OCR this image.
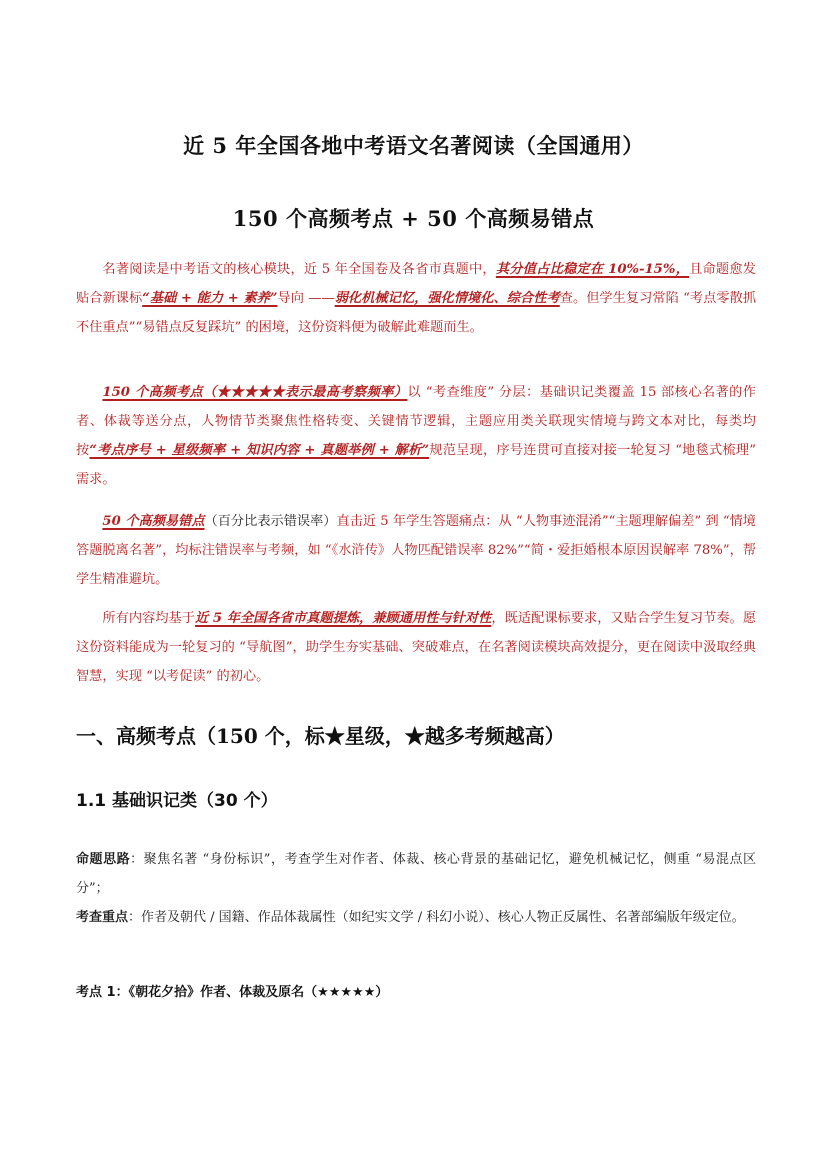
近 5 年全国各地中考语文名著阅读（全国通用）
150 个高频考点 + 50 个高频易错点

名著阅读是中考语文的核心模块，近 5 年全国卷及各省市真题中，其分值占比稳定在 10%-15%，且命题愈发贴合新课标“基础 + 能力 + 素养”导向 ——弱化机械记忆，强化情境化、综合性考查。但学生复习常陷 “考点零散抓不住重点”“易错点反复踩坑” 的困境，这份资料便为破解此难题而生。

150 个高频考点（★★★★★表示最高考察频率）以 “考查维度” 分层：基础识记类覆盖 15 部核心名著的作者、体裁等送分点，人物情节类聚焦性格转变、关键情节逻辑，主题应用类关联现实情境与跨文本对比，每类均按“考点序号 + 星级频率 + 知识内容 + 真题举例 + 解析”规范呈现，序号连贯可直接对接一轮复习 “地毯式梳理” 需求。

50 个高频易错点（百分比表示错误率）直击近 5 年学生答题痛点：从 “人物事迹混淆”“主题理解偏差” 到 “情境答题脱离名著”，均标注错误率与考频，如 “《水浒传》人物匹配错误率 82%”“简・爱拒婚根本原因误解率 78%”，帮学生精准避坑。

所有内容均基于近 5 年全国各省市真题提炼，兼顾通用性与针对性，既适配课标要求，又贴合学生复习节奏。愿这份资料能成为一轮复习的 “导航图”，助学生夯实基础、突破难点，在名著阅读模块高效提分，更在阅读中汲取经典智慧，实现 “以考促读” 的初心。

一、高频考点（150 个，标★星级，★越多考频越高）
1.1 基础识记类（30 个）

命题思路：聚焦名著 “身份标识”，考查学生对作者、体裁、核心背景的基础记忆，避免机械记忆，侧重 “易混点区分”；

考查重点：作者及朝代 / 国籍、作品体裁属性（如纪实文学 / 科幻小说）、核心人物正反属性、名著部编版年级定位。

考点 1：《朝花夕拾》作者、体裁及原名（★★★★★）
